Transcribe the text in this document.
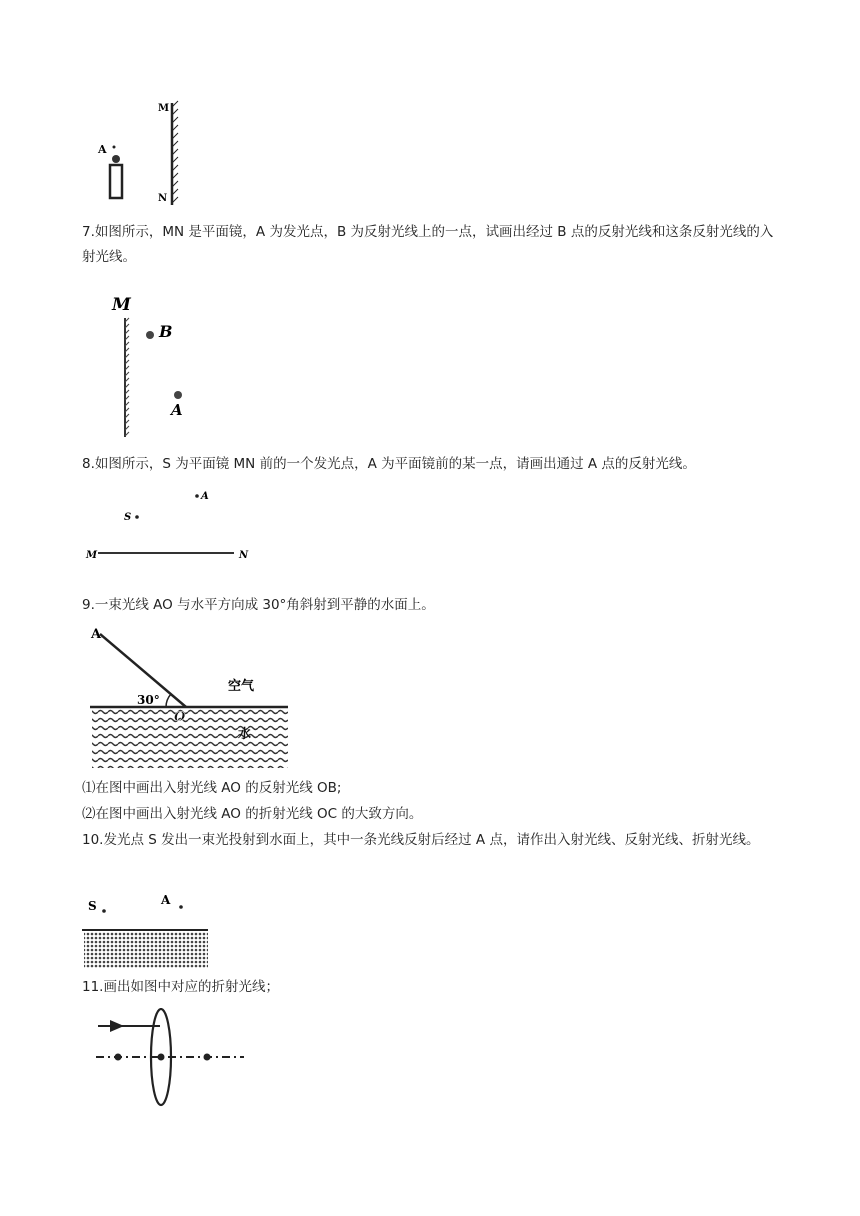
A
M
N
7.如图所示，MN 是平面镜，A 为发光点，B 为反射光线上的一点，试画出经过 B 点的反射光线和这条反射光线的入射光线。
M
B
A
8.如图所示，S 为平面镜 MN 前的一个发光点，A 为平面镜前的某一点，请画出通过 A 点的反射光线。
A
S
M	N
9.一束光线 AO 与水平方向成 30°角斜射到平静的水面上。
A
30°
O
空气
水
⑴在图中画出入射光线 AO 的反射光线 OB;
⑵在图中画出入射光线 AO 的折射光线 OC 的大致方向。
10.发光点 S 发出一束光投射到水面上，其中一条光线反射后经过 A 点，请作出入射光线、反射光线、折射光线。
S	A
11.画出如图中对应的折射光线；
